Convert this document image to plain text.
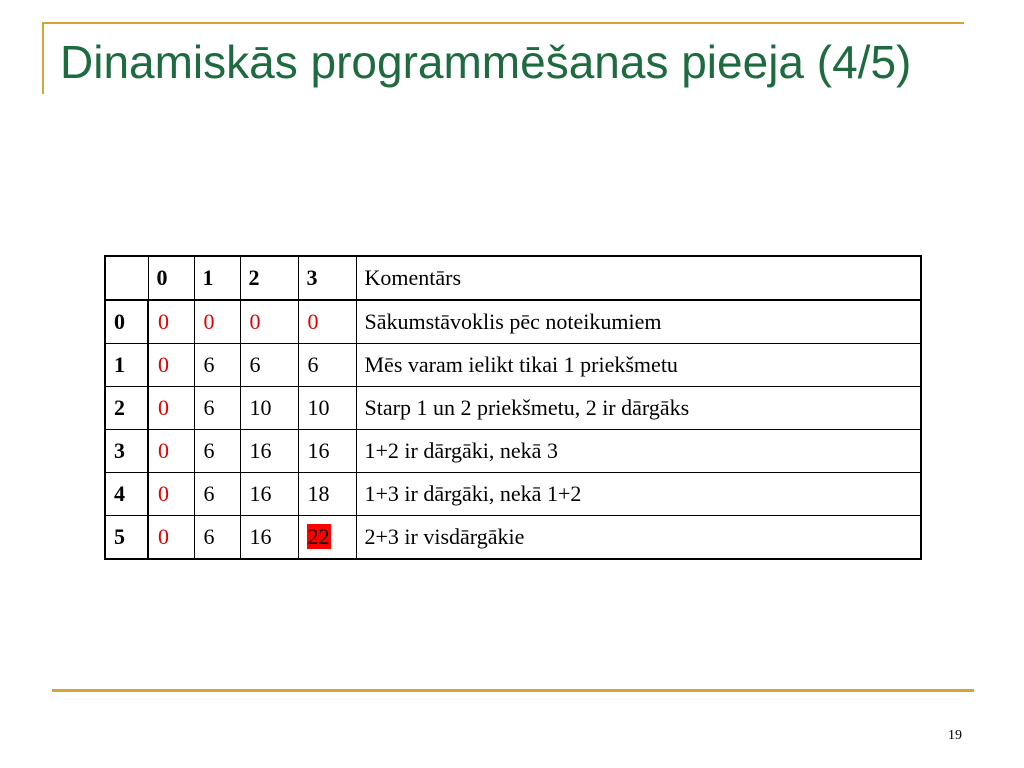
Dinamiskās programmēšanas pieeja (4/5)
	0	1	2	3	Komentārs
0	0	0	0	0	Sākumstāvoklis pēc noteikumiem
1	0	6	6	6	Mēs varam ielikt tikai 1 priekšmetu
2	0	6	10	10	Starp 1 un 2 priekšmetu, 2 ir dārgāks
3	0	6	16	16	1+2 ir dārgāki, nekā 3
4	0	6	16	18	1+3 ir dārgāki, nekā 1+2
5	0	6	16	22	2+3 ir visdārgākie
19
